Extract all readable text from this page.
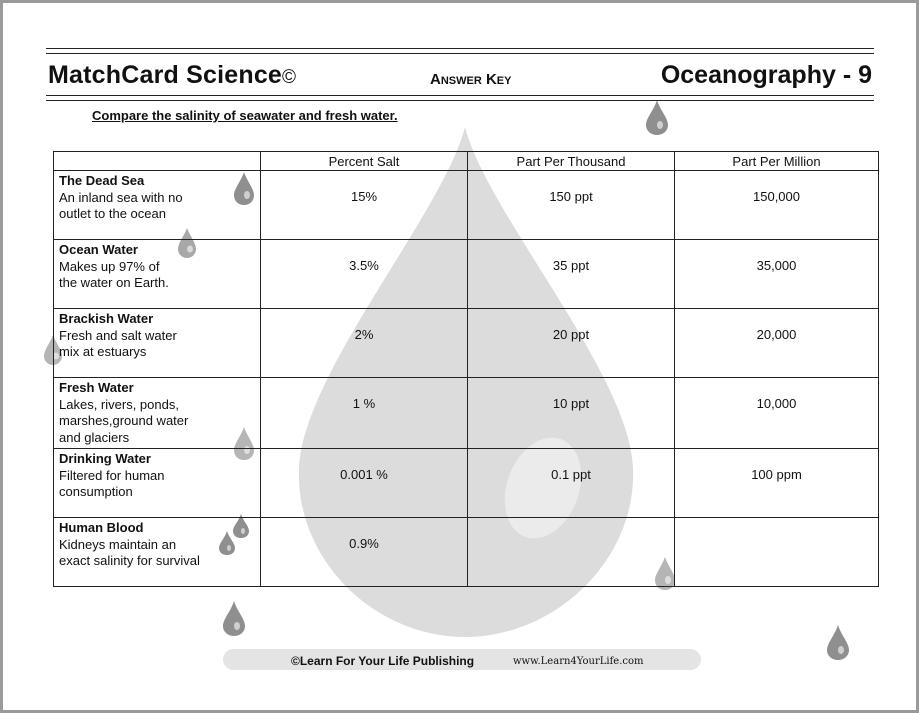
MatchCard Science©	Answer Key	Oceanography - 9
Compare the salinity of seawater and fresh water.
	Percent Salt	Part Per Thousand	Part Per Million

The Dead Sea
An inland sea with no
outlet to the ocean	15%	150 ppt	150,000

Ocean Water
Makes up 97% of
the water on Earth.	3.5%	35 ppt	35,000

Brackish Water
Fresh and salt water
mix at estuarys	2%	20 ppt	20,000

Fresh Water
Lakes, rivers, ponds,
marshes,ground water
and glaciers	1 %	10 ppt	10,000

Drinking Water
Filtered for human
consumption	0.001 %	0.1 ppt	100 ppm

Human Blood
Kidneys maintain an
exact salinity for survival	0.9%		
©Learn For Your Life Publishing	www.Learn4YourLife.com
